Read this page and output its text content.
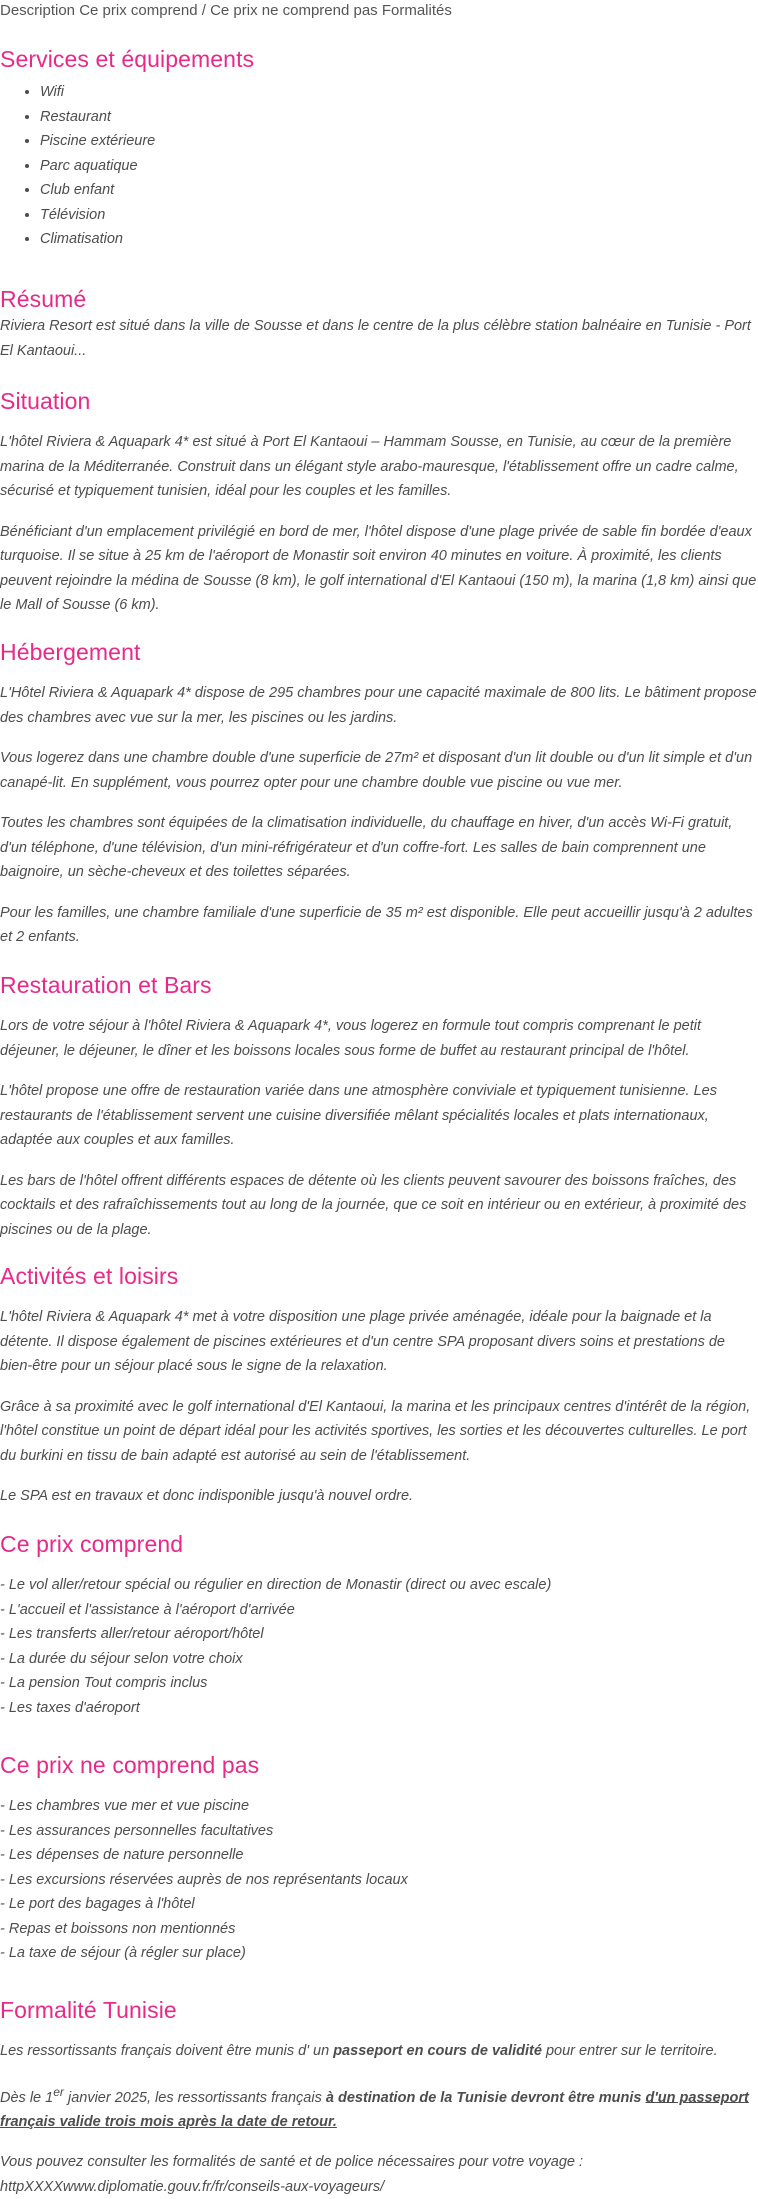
Description Ce prix comprend / Ce prix ne comprend pas Formalités

Services et équipements
• Wifi
• Restaurant
• Piscine extérieure
• Parc aquatique
• Club enfant
• Télévision
• Climatisation
Résumé

Riviera Resort est situé dans la ville de Sousse et dans le centre de la plus célèbre station balnéaire en Tunisie - Port El Kantaoui...

Situation

L'hôtel Riviera & Aquapark 4* est situé à Port El Kantaoui – Hammam Sousse, en Tunisie, au cœur de la première marina de la Méditerranée. Construit dans un élégant style arabo-mauresque, l'établissement offre un cadre calme, sécurisé et typiquement tunisien, idéal pour les couples et les familles.

Bénéficiant d'un emplacement privilégié en bord de mer, l'hôtel dispose d'une plage privée de sable fin bordée d'eaux turquoise. Il se situe à 25 km de l'aéroport de Monastir soit environ 40 minutes en voiture. À proximité, les clients peuvent rejoindre la médina de Sousse (8 km), le golf international d'El Kantaoui (150 m), la marina (1,8 km) ainsi que le Mall of Sousse (6 km).

Hébergement

L'Hôtel Riviera & Aquapark 4* dispose de 295 chambres pour une capacité maximale de 800 lits. Le bâtiment propose des chambres avec vue sur la mer, les piscines ou les jardins.

Vous logerez dans une chambre double d'une superficie de 27m² et disposant d'un lit double ou d'un lit simple et d'un canapé-lit. En supplément, vous pourrez opter pour une chambre double vue piscine ou vue mer.

Toutes les chambres sont équipées de la climatisation individuelle, du chauffage en hiver, d'un accès Wi-Fi gratuit, d'un téléphone, d'une télévision, d'un mini-réfrigérateur et d'un coffre-fort. Les salles de bain comprennent une baignoire, un sèche-cheveux et des toilettes séparées.

Pour les familles, une chambre familiale d'une superficie de 35 m² est disponible. Elle peut accueillir jusqu'à 2 adultes et 2 enfants.

Restauration et Bars

Lors de votre séjour à l'hôtel Riviera & Aquapark 4*, vous logerez en formule tout compris comprenant le petit déjeuner, le déjeuner, le dîner et les boissons locales sous forme de buffet au restaurant principal de l'hôtel.

L'hôtel propose une offre de restauration variée dans une atmosphère conviviale et typiquement tunisienne. Les restaurants de l'établissement servent une cuisine diversifiée mêlant spécialités locales et plats internationaux, adaptée aux couples et aux familles.

Les bars de l'hôtel offrent différents espaces de détente où les clients peuvent savourer des boissons fraîches, des cocktails et des rafraîchissements tout au long de la journée, que ce soit en intérieur ou en extérieur, à proximité des piscines ou de la plage.

Activités et loisirs

L'hôtel Riviera & Aquapark 4* met à votre disposition une plage privée aménagée, idéale pour la baignade et la détente. Il dispose également de piscines extérieures et d'un centre SPA proposant divers soins et prestations de bien-être pour un séjour placé sous le signe de la relaxation.

Grâce à sa proximité avec le golf international d'El Kantaoui, la marina et les principaux centres d'intérêt de la région, l'hôtel constitue un point de départ idéal pour les activités sportives, les sorties et les découvertes culturelles. Le port du burkini en tissu de bain adapté est autorisé au sein de l'établissement.

Le SPA est en travaux et donc indisponible jusqu'à nouvel ordre.

Ce prix comprend
- Le vol aller/retour spécial ou régulier en direction de Monastir (direct ou avec escale)
- L'accueil et l'assistance à l'aéroport d'arrivée
- Les transferts aller/retour aéroport/hôtel
- La durée du séjour selon votre choix
- La pension Tout compris inclus
- Les taxes d'aéroport
Ce prix ne comprend pas
- Les chambres vue mer et vue piscine
- Les assurances personnelles facultatives
- Les dépenses de nature personnelle
- Les excursions réservées auprès de nos représentants locaux
- Le port des bagages à l'hôtel
- Repas et boissons non mentionnés
- La taxe de séjour (à régler sur place)
Formalité Tunisie

Les ressortissants français doivent être munis d' un passeport en cours de validité pour entrer sur le territoire.

Dès le 1er janvier 2025, les ressortissants français à destination de la Tunisie devront être munis d'un passeport français valide trois mois après la date de retour.

Vous pouvez consulter les formalités de santé et de police nécessaires pour votre voyage :

httpXXXXwww.diplomatie.gouv.fr/fr/conseils-aux-voyageurs/
